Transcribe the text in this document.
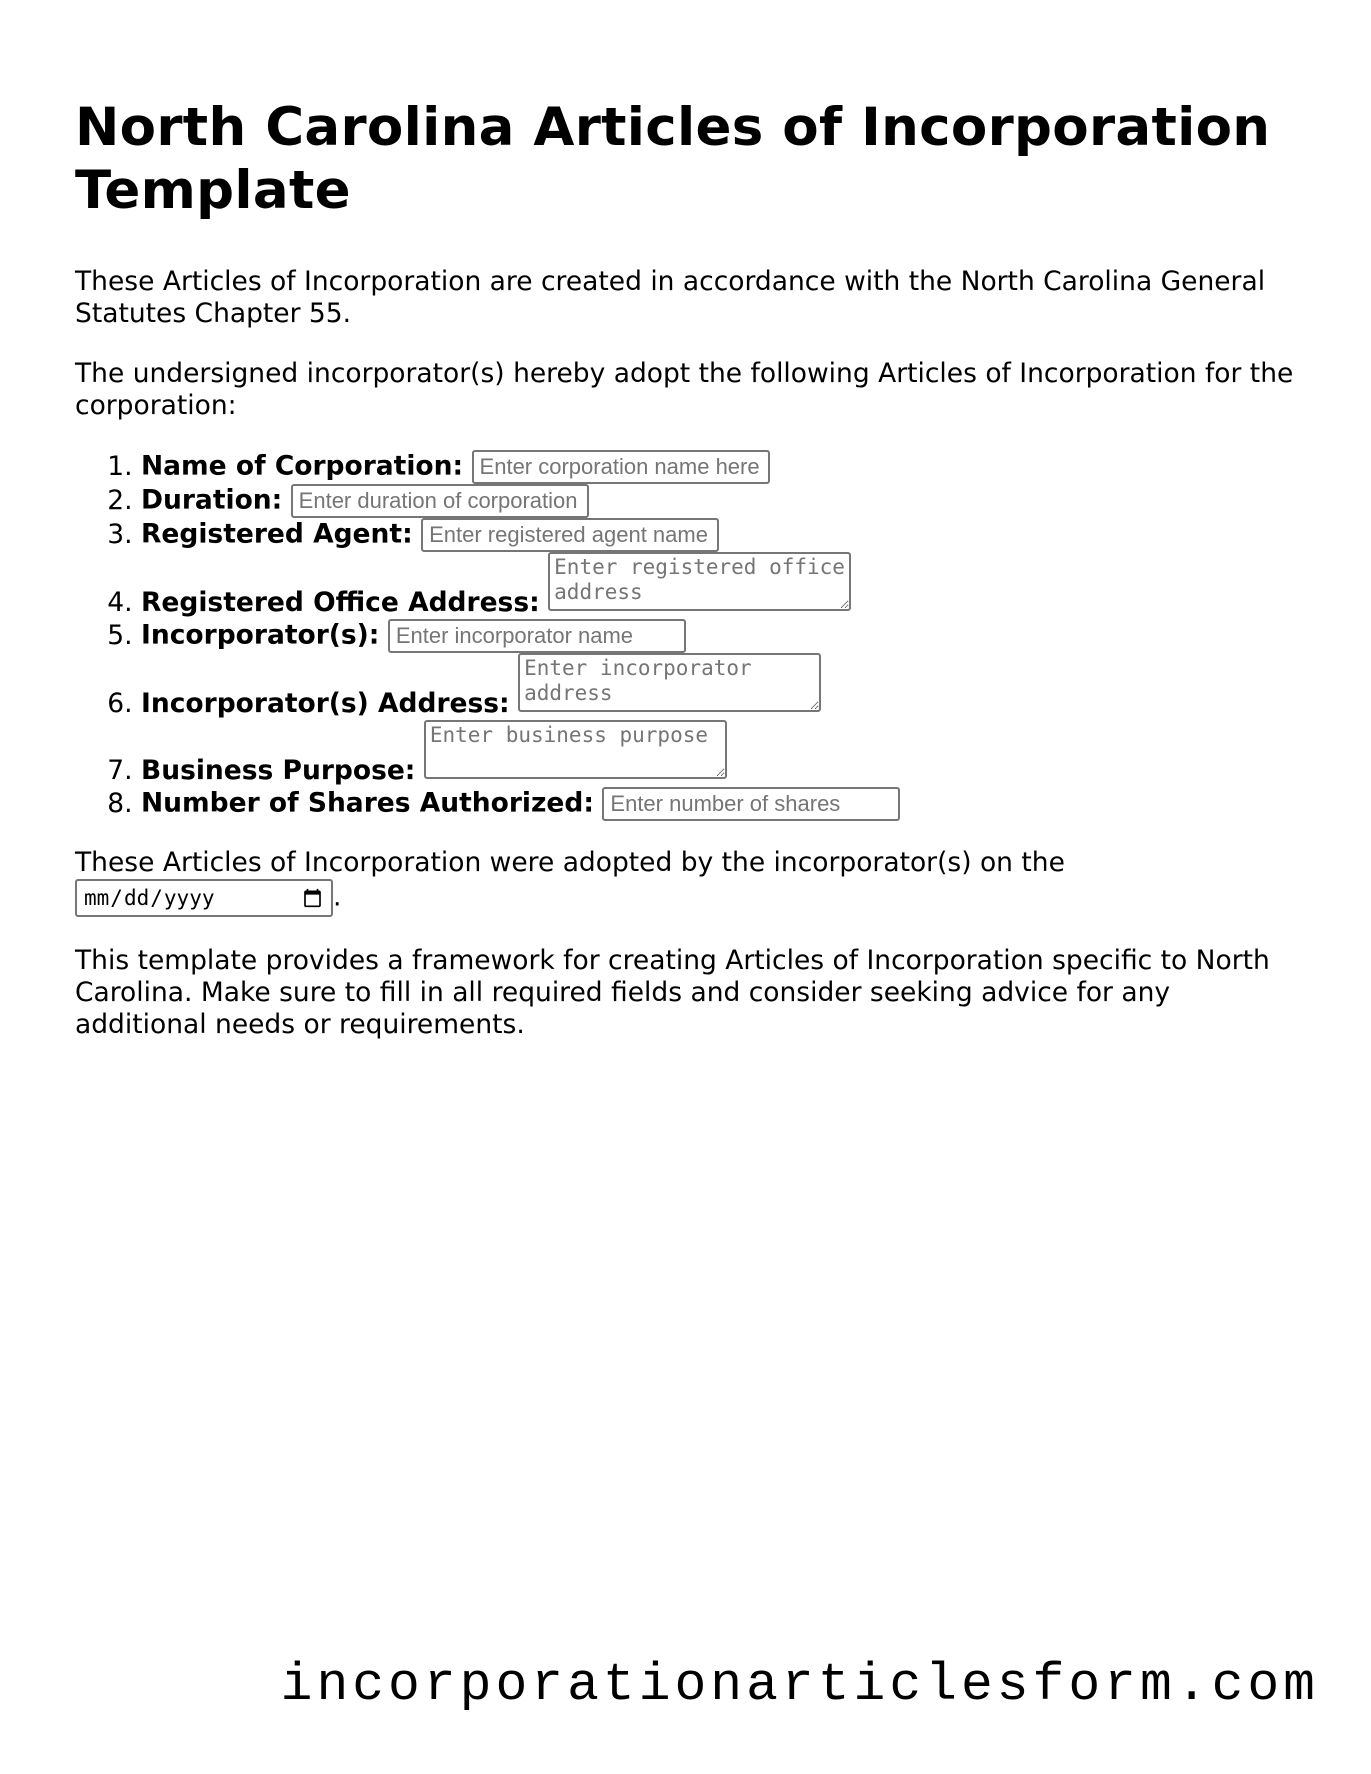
North Carolina Articles of Incorporation Template

These Articles of Incorporation are created in accordance with the North Carolina General Statutes Chapter 55.

The undersigned incorporator(s) hereby adopt the following Articles of Incorporation for the corporation:

1. Name of Corporation: Enter corporation name here
2. Duration: Enter duration of corporation
3. Registered Agent: Enter registered agent name
4. Registered Office Address: Enter registered office address
5. Incorporator(s): Enter incorporator name
6. Incorporator(s) Address: Enter incorporator address
7. Business Purpose: Enter business purpose
8. Number of Shares Authorized: Enter number of shares

These Articles of Incorporation were adopted by the incorporator(s) on the
.

This template provides a framework for creating Articles of Incorporation specific to North Carolina. Make sure to fill in all required fields and consider seeking advice for any additional needs or requirements.

incorporationarticlesform.com
